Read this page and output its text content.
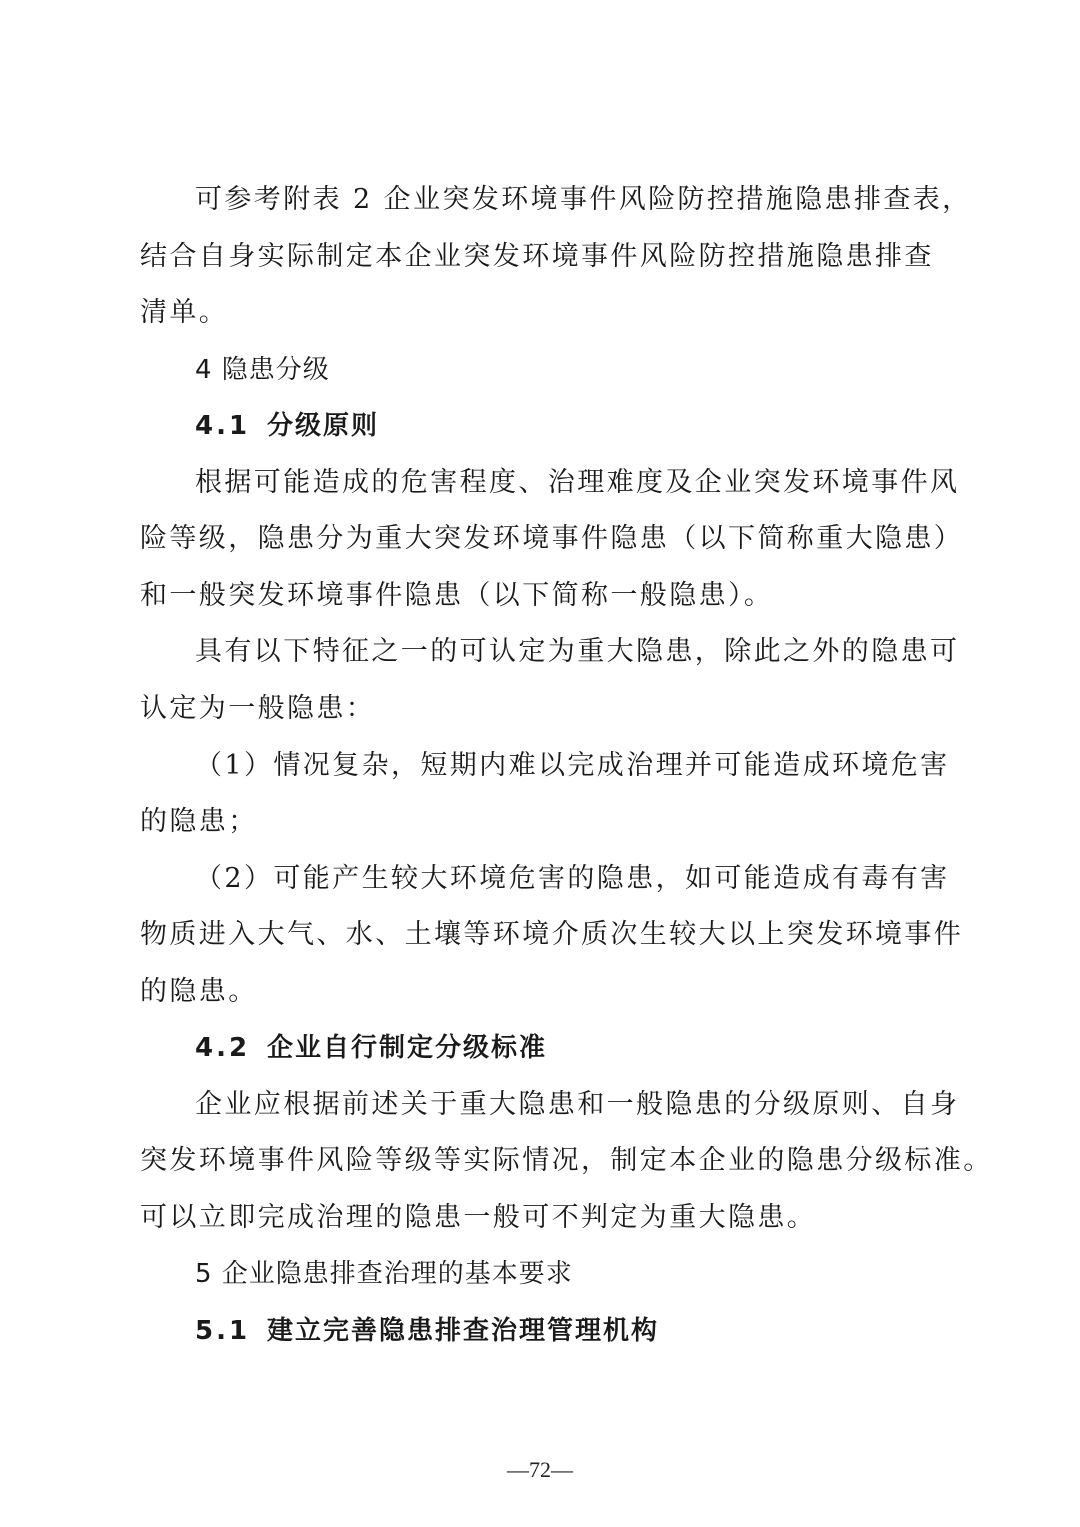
可参考附表 2 企业突发环境事件风险防控措施隐患排查表，
结合自身实际制定本企业突发环境事件风险防控措施隐患排查
清单。
4 隐患分级
4.1 分级原则
根据可能造成的危害程度、治理难度及企业突发环境事件风
险等级，隐患分为重大突发环境事件隐患（以下简称重大隐患）
和一般突发环境事件隐患（以下简称一般隐患）。
具有以下特征之一的可认定为重大隐患，除此之外的隐患可
认定为一般隐患：
（1）情况复杂，短期内难以完成治理并可能造成环境危害
的隐患；
（2）可能产生较大环境危害的隐患，如可能造成有毒有害
物质进入大气、水、土壤等环境介质次生较大以上突发环境事件
的隐患。
4.2 企业自行制定分级标准
企业应根据前述关于重大隐患和一般隐患的分级原则、自身
突发环境事件风险等级等实际情况，制定本企业的隐患分级标准。
可以立即完成治理的隐患一般可不判定为重大隐患。
5 企业隐患排查治理的基本要求
5.1 建立完善隐患排查治理管理机构
—72—
